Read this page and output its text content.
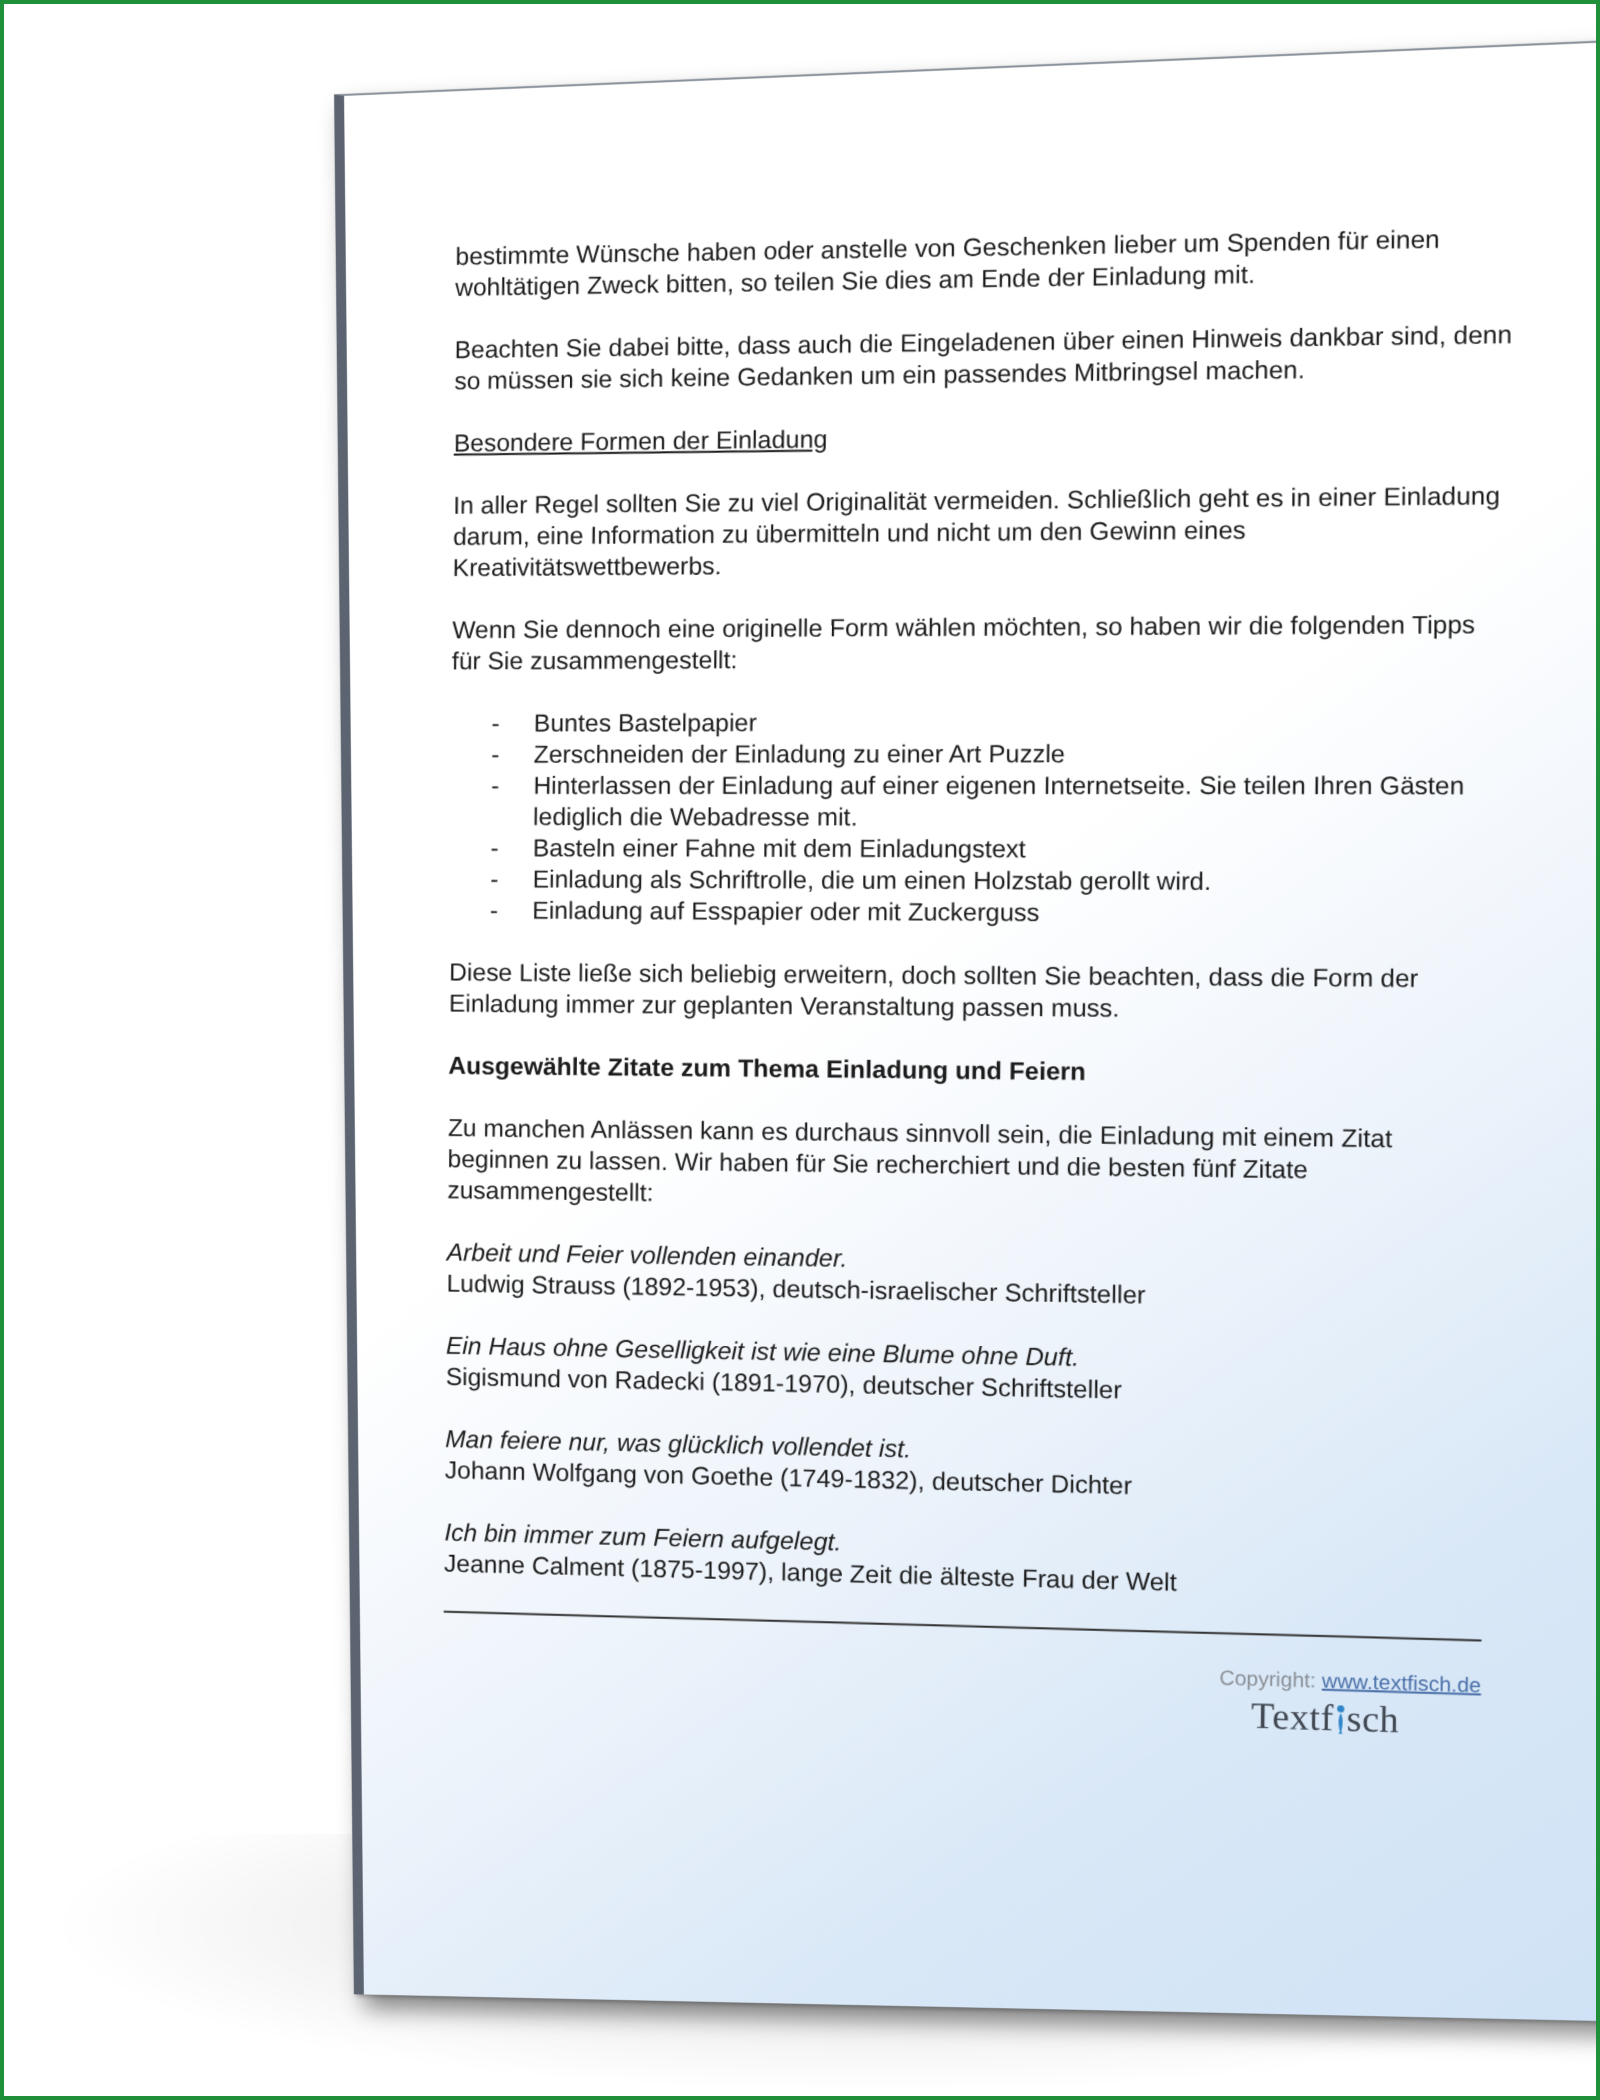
bestimmte Wünsche haben oder anstelle von Geschenken lieber um Spenden für einen wohltätigen Zweck bitten, so teilen Sie dies am Ende der Einladung mit.

Beachten Sie dabei bitte, dass auch die Eingeladenen über einen Hinweis dankbar sind, denn so müssen sie sich keine Gedanken um ein passendes Mitbringsel machen.

Besondere Formen der Einladung

In aller Regel sollten Sie zu viel Originalität vermeiden. Schließlich geht es in einer Einladung darum, eine Information zu übermitteln und nicht um den Gewinn eines Kreativitätswettbewerbs.

Wenn Sie dennoch eine originelle Form wählen möchten, so haben wir die folgenden Tipps für Sie zusammengestellt:

- Buntes Bastelpapier
- Zerschneiden der Einladung zu einer Art Puzzle
- Hinterlassen der Einladung auf einer eigenen Internetseite. Sie teilen Ihren Gästen lediglich die Webadresse mit.
- Basteln einer Fahne mit dem Einladungstext
- Einladung als Schriftrolle, die um einen Holzstab gerollt wird.
- Einladung auf Esspapier oder mit Zuckerguss

Diese Liste ließe sich beliebig erweitern, doch sollten Sie beachten, dass die Form der Einladung immer zur geplanten Veranstaltung passen muss.

Ausgewählte Zitate zum Thema Einladung und Feiern

Zu manchen Anlässen kann es durchaus sinnvoll sein, die Einladung mit einem Zitat beginnen zu lassen. Wir haben für Sie recherchiert und die besten fünf Zitate zusammengestellt:

Arbeit und Feier vollenden einander.
Ludwig Strauss (1892-1953), deutsch-israelischer Schriftsteller
Ein Haus ohne Geselligkeit ist wie eine Blume ohne Duft.
Sigismund von Radecki (1891-1970), deutscher Schriftsteller
Man feiere nur, was glücklich vollendet ist.
Johann Wolfgang von Goethe (1749-1832), deutscher Dichter
Ich bin immer zum Feiern aufgelegt.
Jeanne Calment (1875-1997), lange Zeit die älteste Frau der Welt
Copyright: www.textfisch.de
Textf sch
